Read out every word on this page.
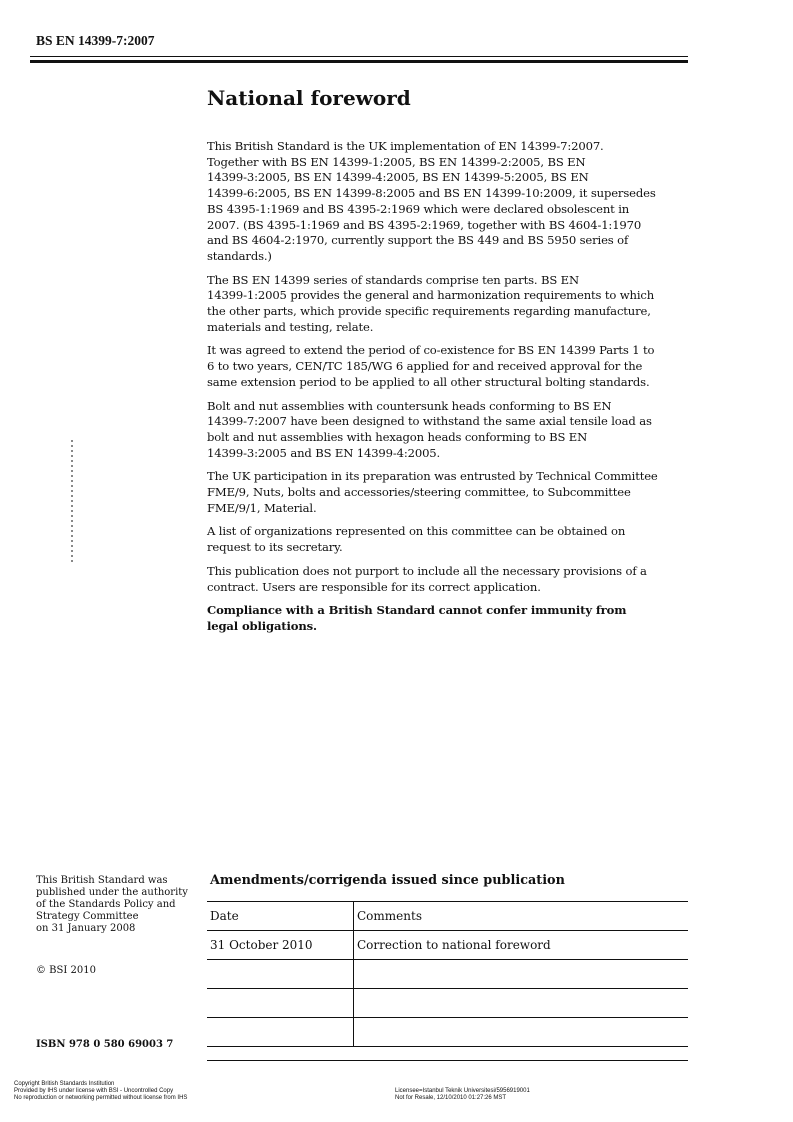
BS EN 14399-7:2007
National foreword
This British Standard is the UK implementation of EN 14399-7:2007.
Together with BS EN 14399-1:2005, BS EN 14399-2:2005, BS EN
14399-3:2005, BS EN 14399-4:2005, BS EN 14399-5:2005, BS EN
14399-6:2005, BS EN 14399-8:2005 and BS EN 14399-10:2009, it supersedes
BS 4395-1:1969 and BS 4395-2:1969 which were declared obsolescent in
2007. (BS 4395-1:1969 and BS 4395-2:1969, together with BS 4604-1:1970
and BS 4604-2:1970, currently support the BS 449 and BS 5950 series of
standards.)
The BS EN 14399 series of standards comprise ten parts. BS EN
14399-1:2005 provides the general and harmonization requirements to which
the other parts, which provide specific requirements regarding manufacture,
materials and testing, relate.
It was agreed to extend the period of co-existence for BS EN 14399 Parts 1 to
6 to two years, CEN/TC 185/WG 6 applied for and received approval for the
same extension period to be applied to all other structural bolting standards.
Bolt and nut assemblies with countersunk heads conforming to BS EN
14399-7:2007 have been designed to withstand the same axial tensile load as
bolt and nut assemblies with hexagon heads conforming to BS EN
14399-3:2005 and BS EN 14399-4:2005.
The UK participation in its preparation was entrusted by Technical Committee
FME/9, Nuts, bolts and accessories/steering committee, to Subcommittee
FME/9/1, Material.
A list of organizations represented on this committee can be obtained on
request to its secretary.
This publication does not purport to include all the necessary provisions of a
contract. Users are responsible for its correct application.
Compliance with a British Standard cannot confer immunity from
legal obligations.
This British Standard was
published under the authority
of the Standards Policy and
Strategy Committee
on 31 January 2008
© BSI 2010
ISBN 978 0 580 69003 7
Amendments/corrigenda issued since publication
Date	Comments
31 October 2010	Correction to national foreword

Copyright British Standards Institution
Provided by IHS under license with BSI - Uncontrolled Copy
No reproduction or networking permitted without license from IHS
Licensee=Istanbul Teknik Universitesi/5956919001
Not for Resale, 12/10/2010 01:27:26 MST
